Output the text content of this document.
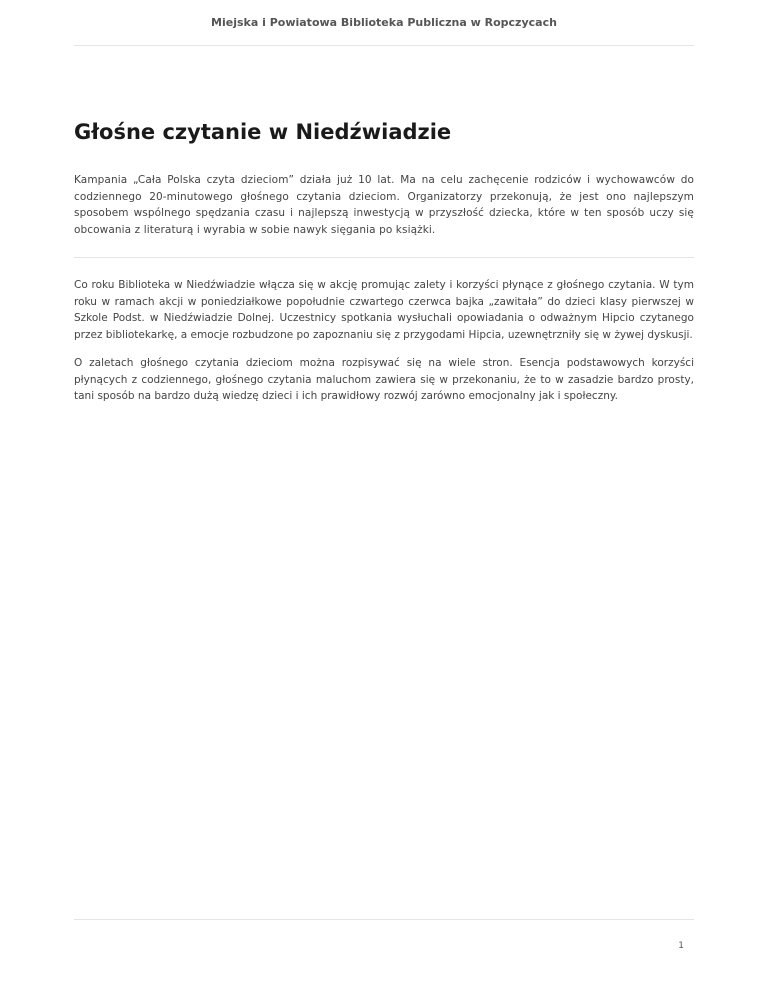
Miejska i Powiatowa Biblioteka Publiczna w Ropczycach
Głośne czytanie w Niedźwiadzie

Kampania „Cała Polska czyta dzieciom” działa już 10 lat. Ma na celu zachęcenie rodziców i wychowawców do codziennego 20-minutowego głośnego czytania dzieciom. Organizatorzy przekonują, że jest ono najlepszym sposobem wspólnego spędzania czasu i najlepszą inwestycją w przyszłość dziecka, które w ten sposób uczy się obcowania z literaturą i wyrabia w sobie nawyk sięgania po książki.

Co roku Biblioteka w Niedźwiadzie włącza się w akcję promując zalety i korzyści płynące z głośnego czytania. W tym roku w ramach akcji w poniedziałkowe popołudnie czwartego czerwca bajka „zawitała” do dzieci klasy pierwszej w Szkole Podst. w Niedźwiadzie Dolnej. Uczestnicy spotkania wysłuchali opowiadania o odważnym Hipcio czytanego przez bibliotekarkę, a emocje rozbudzone po zapoznaniu się z przygodami Hipcia, uzewnętrzniły się w żywej dyskusji.

O zaletach głośnego czytania dzieciom można rozpisywać się na wiele stron. Esencja podstawowych korzyści płynących z codziennego, głośnego czytania maluchom zawiera się w przekonaniu, że to w zasadzie bardzo prosty, tani sposób na bardzo dużą wiedzę dzieci i ich prawidłowy rozwój zarówno emocjonalny jak i społeczny.

1
